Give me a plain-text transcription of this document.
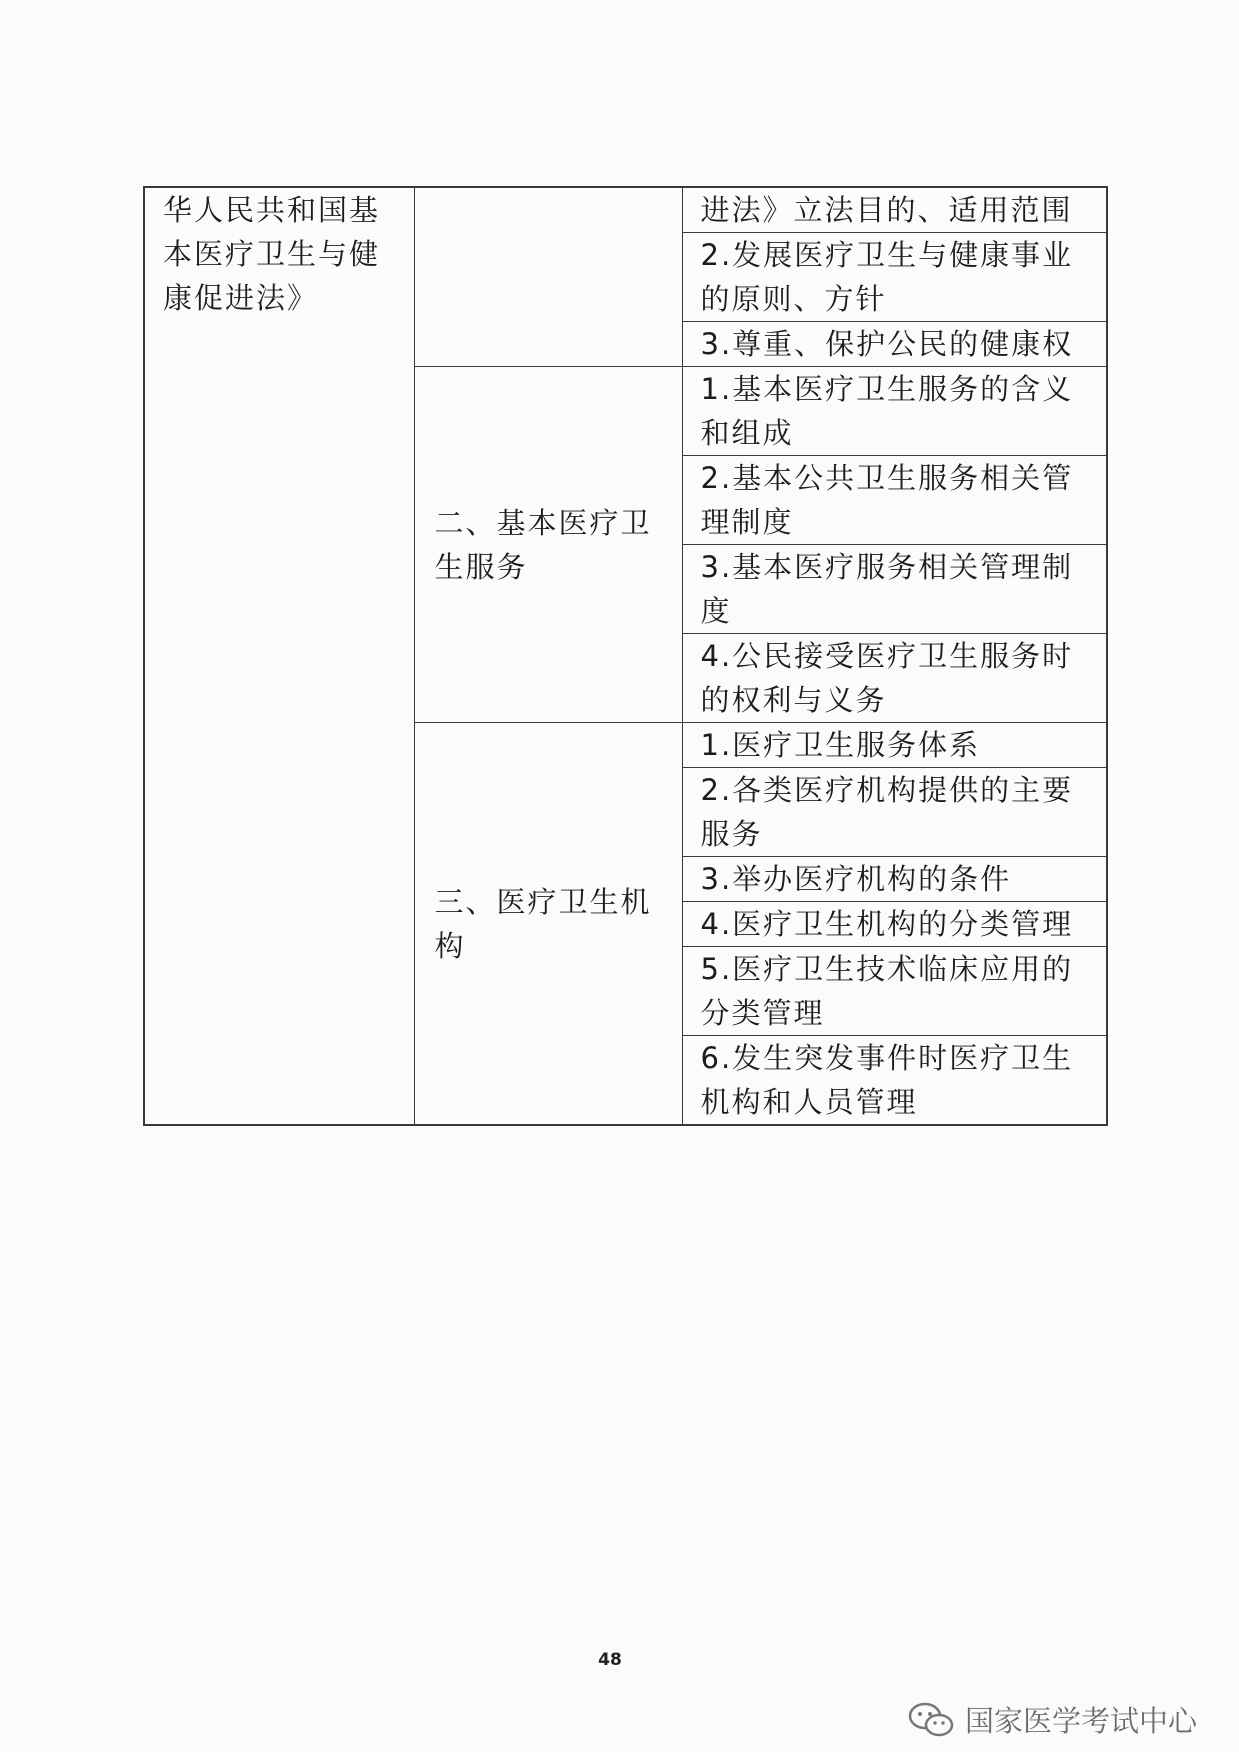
华人民共和国基本医疗卫生与健康促进法》		进法》立法目的、适用范围
		2.发展医疗卫生与健康事业的原则、方针
		3.尊重、保护公民的健康权
	二、基本医疗卫生服务	1.基本医疗卫生服务的含义和组成
		2.基本公共卫生服务相关管理制度
		3.基本医疗服务相关管理制度
		4.公民接受医疗卫生服务时的权利与义务
	三、医疗卫生机构	1.医疗卫生服务体系
		2.各类医疗机构提供的主要服务
		3.举办医疗机构的条件
		4.医疗卫生机构的分类管理
		5.医疗卫生技术临床应用的分类管理
		6.发生突发事件时医疗卫生机构和人员管理
48
国家医学考试中心
